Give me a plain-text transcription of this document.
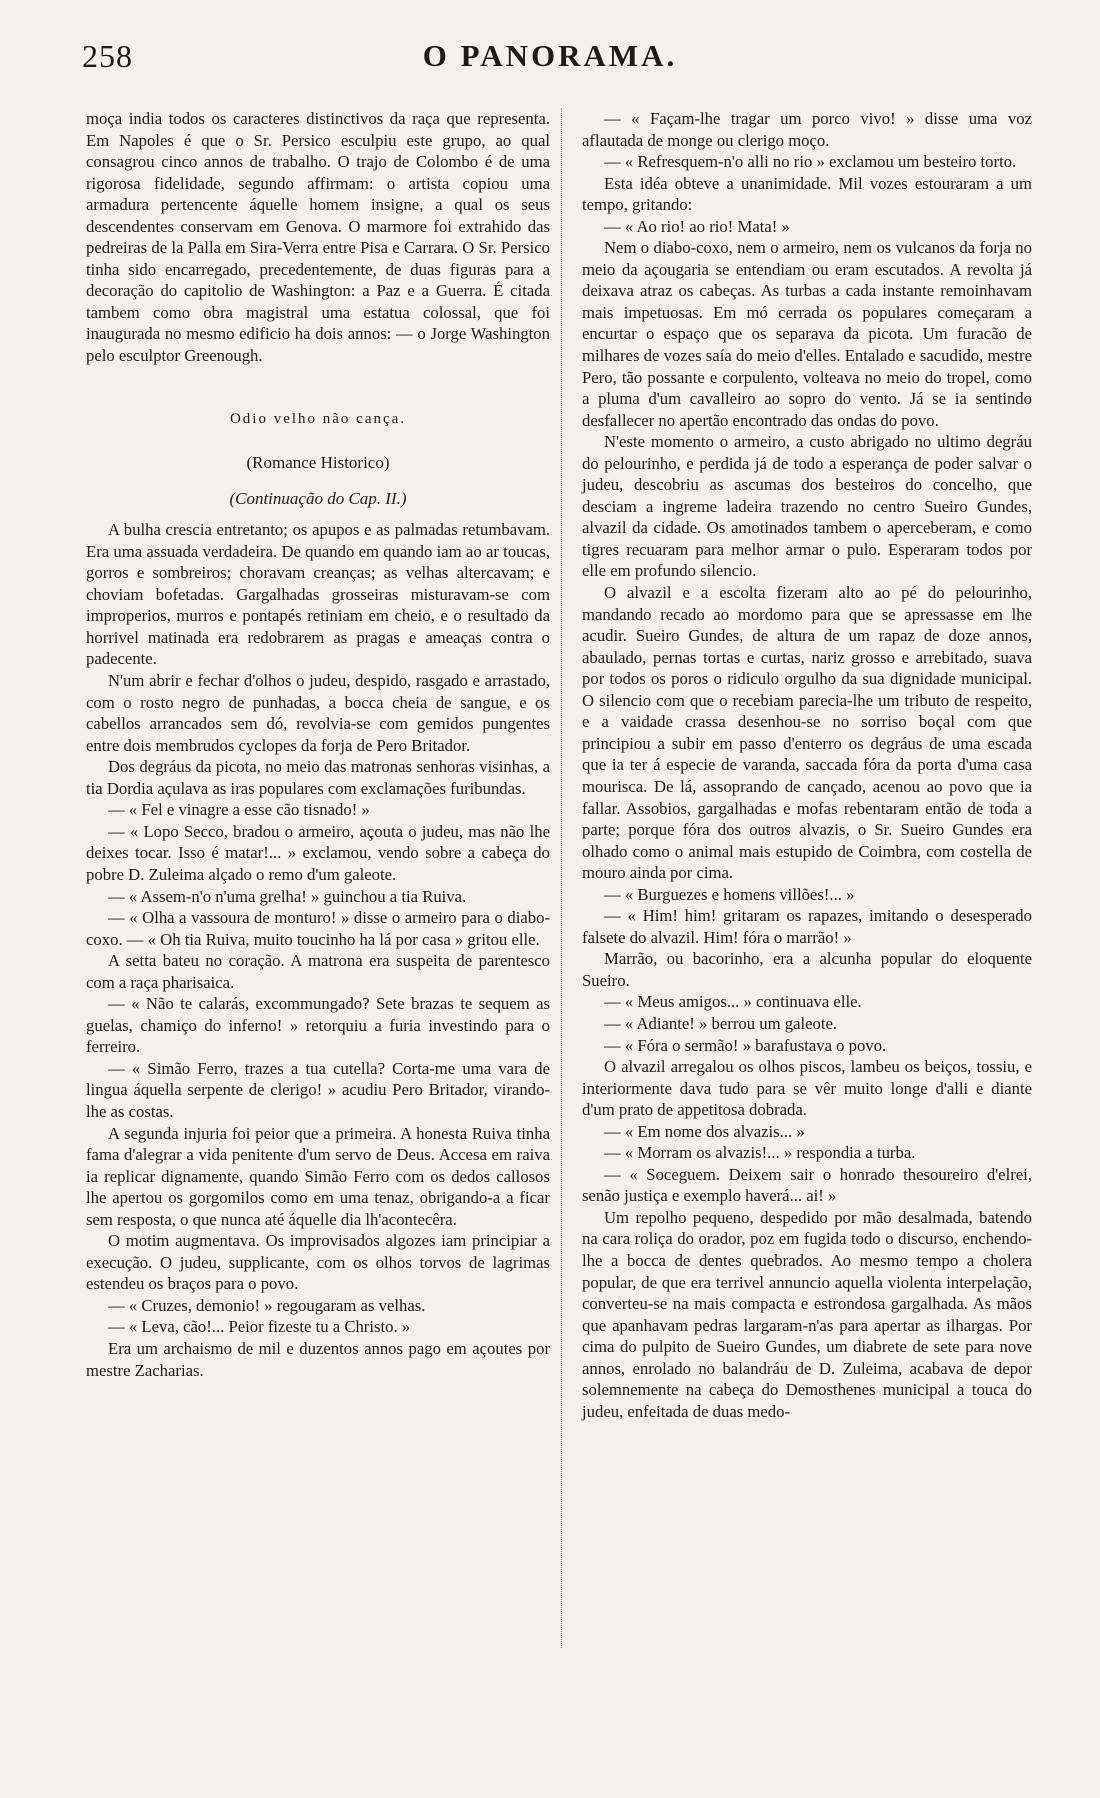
258	O PANORAMA.

moça india todos os caracteres distinctivos da raça que representa. Em Napoles é que o Sr. Persico esculpiu este grupo, ao qual consagrou cinco annos de trabalho. O trajo de Colombo é de uma rigorosa fidelidade, segundo affirmam: o artista copiou uma armadura pertencente áquelle homem insigne, a qual os seus descendentes conservam em Genova. O marmore foi extrahido das pedreiras de la Palla em Sira-Verra entre Pisa e Carrara. O Sr. Persico tinha sido encarregado, precedentemente, de duas figuras para a decoração do capitolio de Washington: a Paz e a Guerra. É citada tambem como obra magistral uma estatua colossal, que foi inaugurada no mesmo edificio ha dois annos: — o Jorge Washington pelo esculptor Greenough.

Odio velho não cança.
(Romance Historico)
(Continuação do Cap. II.)

A bulha crescia entretanto; os apupos e as palmadas retumbavam. Era uma assuada verdadeira. De quando em quando iam ao ar toucas, gorros e sombreiros; choravam creanças; as velhas altercavam; e choviam bofetadas. Gargalhadas grosseiras misturavam-se com improperios, murros e pontapés retiniam em cheio, e o resultado da horrivel matinada era redobrarem as pragas e ameaças contra o padecente.

N'um abrir e fechar d'olhos o judeu, despido, rasgado e arrastado, com o rosto negro de punhadas, a bocca cheia de sangue, e os cabellos arrancados sem dó, revolvia-se com gemidos pungentes entre dois membrudos cyclopes da forja de Pero Britador.

Dos degráus da picota, no meio das matronas senhoras visinhas, a tia Dordia açulava as iras populares com exclamações furibundas.

— « Fel e vinagre a esse cão tisnado! »

— « Lopo Secco, bradou o armeiro, açouta o judeu, mas não lhe deixes tocar. Isso é matar!... » exclamou, vendo sobre a cabeça do pobre D. Zuleima alçado o remo d'um galeote.

— « Assem-n'o n'uma grelha! » guinchou a tia Ruiva.

— « Olha a vassoura de monturo! » disse o armeiro para o diabo-coxo. — « Oh tia Ruiva, muito toucinho ha lá por casa » gritou elle.

A setta bateu no coração. A matrona era suspeita de parentesco com a raça pharisaica.

— « Não te calarás, excommungado? Sete brazas te sequem as guelas, chamiço do inferno! » retorquiu a furia investindo para o ferreiro.

— « Simão Ferro, trazes a tua cutella? Corta-me uma vara de lingua áquella serpente de clerigo! » acudiu Pero Britador, virando-lhe as costas.

A segunda injuria foi peior que a primeira. A honesta Ruiva tinha fama d'alegrar a vida penitente d'um servo de Deus. Accesa em raiva ia replicar dignamente, quando Simão Ferro com os dedos callosos lhe apertou os gorgomilos como em uma tenaz, obrigando-a a ficar sem resposta, o que nunca até áquelle dia lh'acontecêra.

O motim augmentava. Os improvisados algozes iam principiar a execução. O judeu, supplicante, com os olhos torvos de lagrimas estendeu os braços para o povo.

— « Cruzes, demonio! » regougaram as velhas.

— « Leva, cão!... Peior fizeste tu a Christo. »

Era um archaismo de mil e duzentos annos pago em açoutes por mestre Zacharias.

— « Façam-lhe tragar um porco vivo! » disse uma voz aflautada de monge ou clerigo moço.

— « Refresquem-n'o alli no rio » exclamou um besteiro torto.

Esta idéa obteve a unanimidade. Mil vozes estouraram a um tempo, gritando:

— « Ao rio! ao rio! Mata! »

Nem o diabo-coxo, nem o armeiro, nem os vulcanos da forja no meio da açougaria se entendiam ou eram escutados. A revolta já deixava atraz os cabeças. As turbas a cada instante remoinhavam mais impetuosas. Em mó cerrada os populares começaram a encurtar o espaço que os separava da picota. Um furacão de milhares de vozes saía do meio d'elles. Entalado e sacudido, mestre Pero, tão possante e corpulento, volteava no meio do tropel, como a pluma d'um cavalleiro ao sopro do vento. Já se ia sentindo desfallecer no apertão encontrado das ondas do povo.

N'este momento o armeiro, a custo abrigado no ultimo degráu do pelourinho, e perdida já de todo a esperança de poder salvar o judeu, descobriu as ascumas dos besteiros do concelho, que desciam a ingreme ladeira trazendo no centro Sueiro Gundes, alvazil da cidade. Os amotinados tambem o aperceberam, e como tigres recuaram para melhor armar o pulo. Esperaram todos por elle em profundo silencio.

O alvazil e a escolta fizeram alto ao pé do pelourinho, mandando recado ao mordomo para que se apressasse em lhe acudir. Sueiro Gundes, de altura de um rapaz de doze annos, abaulado, pernas tortas e curtas, nariz grosso e arrebitado, suava por todos os poros o ridiculo orgulho da sua dignidade municipal. O silencio com que o recebiam parecia-lhe um tributo de respeito, e a vaidade crassa desenhou-se no sorriso boçal com que principiou a subir em passo d'enterro os degráus de uma escada que ia ter á especie de varanda, saccada fóra da porta d'uma casa mourisca. De lá, assoprando de cançado, acenou ao povo que ia fallar. Assobios, gargalhadas e mofas rebentaram então de toda a parte; porque fóra dos outros alvazis, o Sr. Sueiro Gundes era olhado como o animal mais estupido de Coimbra, com costella de mouro ainda por cima.

— « Burguezes e homens villões!... »

— « Him! him! gritaram os rapazes, imitando o desesperado falsete do alvazil. Him! fóra o marrão! »

Marrão, ou bacorinho, era a alcunha popular do eloquente Sueiro.

— « Meus amigos... » continuava elle.

— « Adiante! » berrou um galeote.

— « Fóra o sermão! » barafustava o povo.

O alvazil arregalou os olhos piscos, lambeu os beiços, tossiu, e interiormente dava tudo para se vêr muito longe d'alli e diante d'um prato de appetitosa dobrada.

— « Em nome dos alvazis... »

— « Morram os alvazis!... » respondia a turba.

— « Soceguem. Deixem sair o honrado thesoureiro d'elrei, senão justiça e exemplo haverá... ai! »

Um repolho pequeno, despedido por mão desalmada, batendo na cara roliça do orador, poz em fugida todo o discurso, enchendo-lhe a bocca de dentes quebrados. Ao mesmo tempo a cholera popular, de que era terrivel annuncio aquella violenta interpelação, converteu-se na mais compacta e estrondosa gargalhada. As mãos que apanhavam pedras largaram-n'as para apertar as ilhargas. Por cima do pulpito de Sueiro Gundes, um diabrete de sete para nove annos, enrolado no balandráu de D. Zuleima, acabava de depor solemnemente na cabeça do Demosthenes municipal a touca do judeu, enfeitada de duas medo-
